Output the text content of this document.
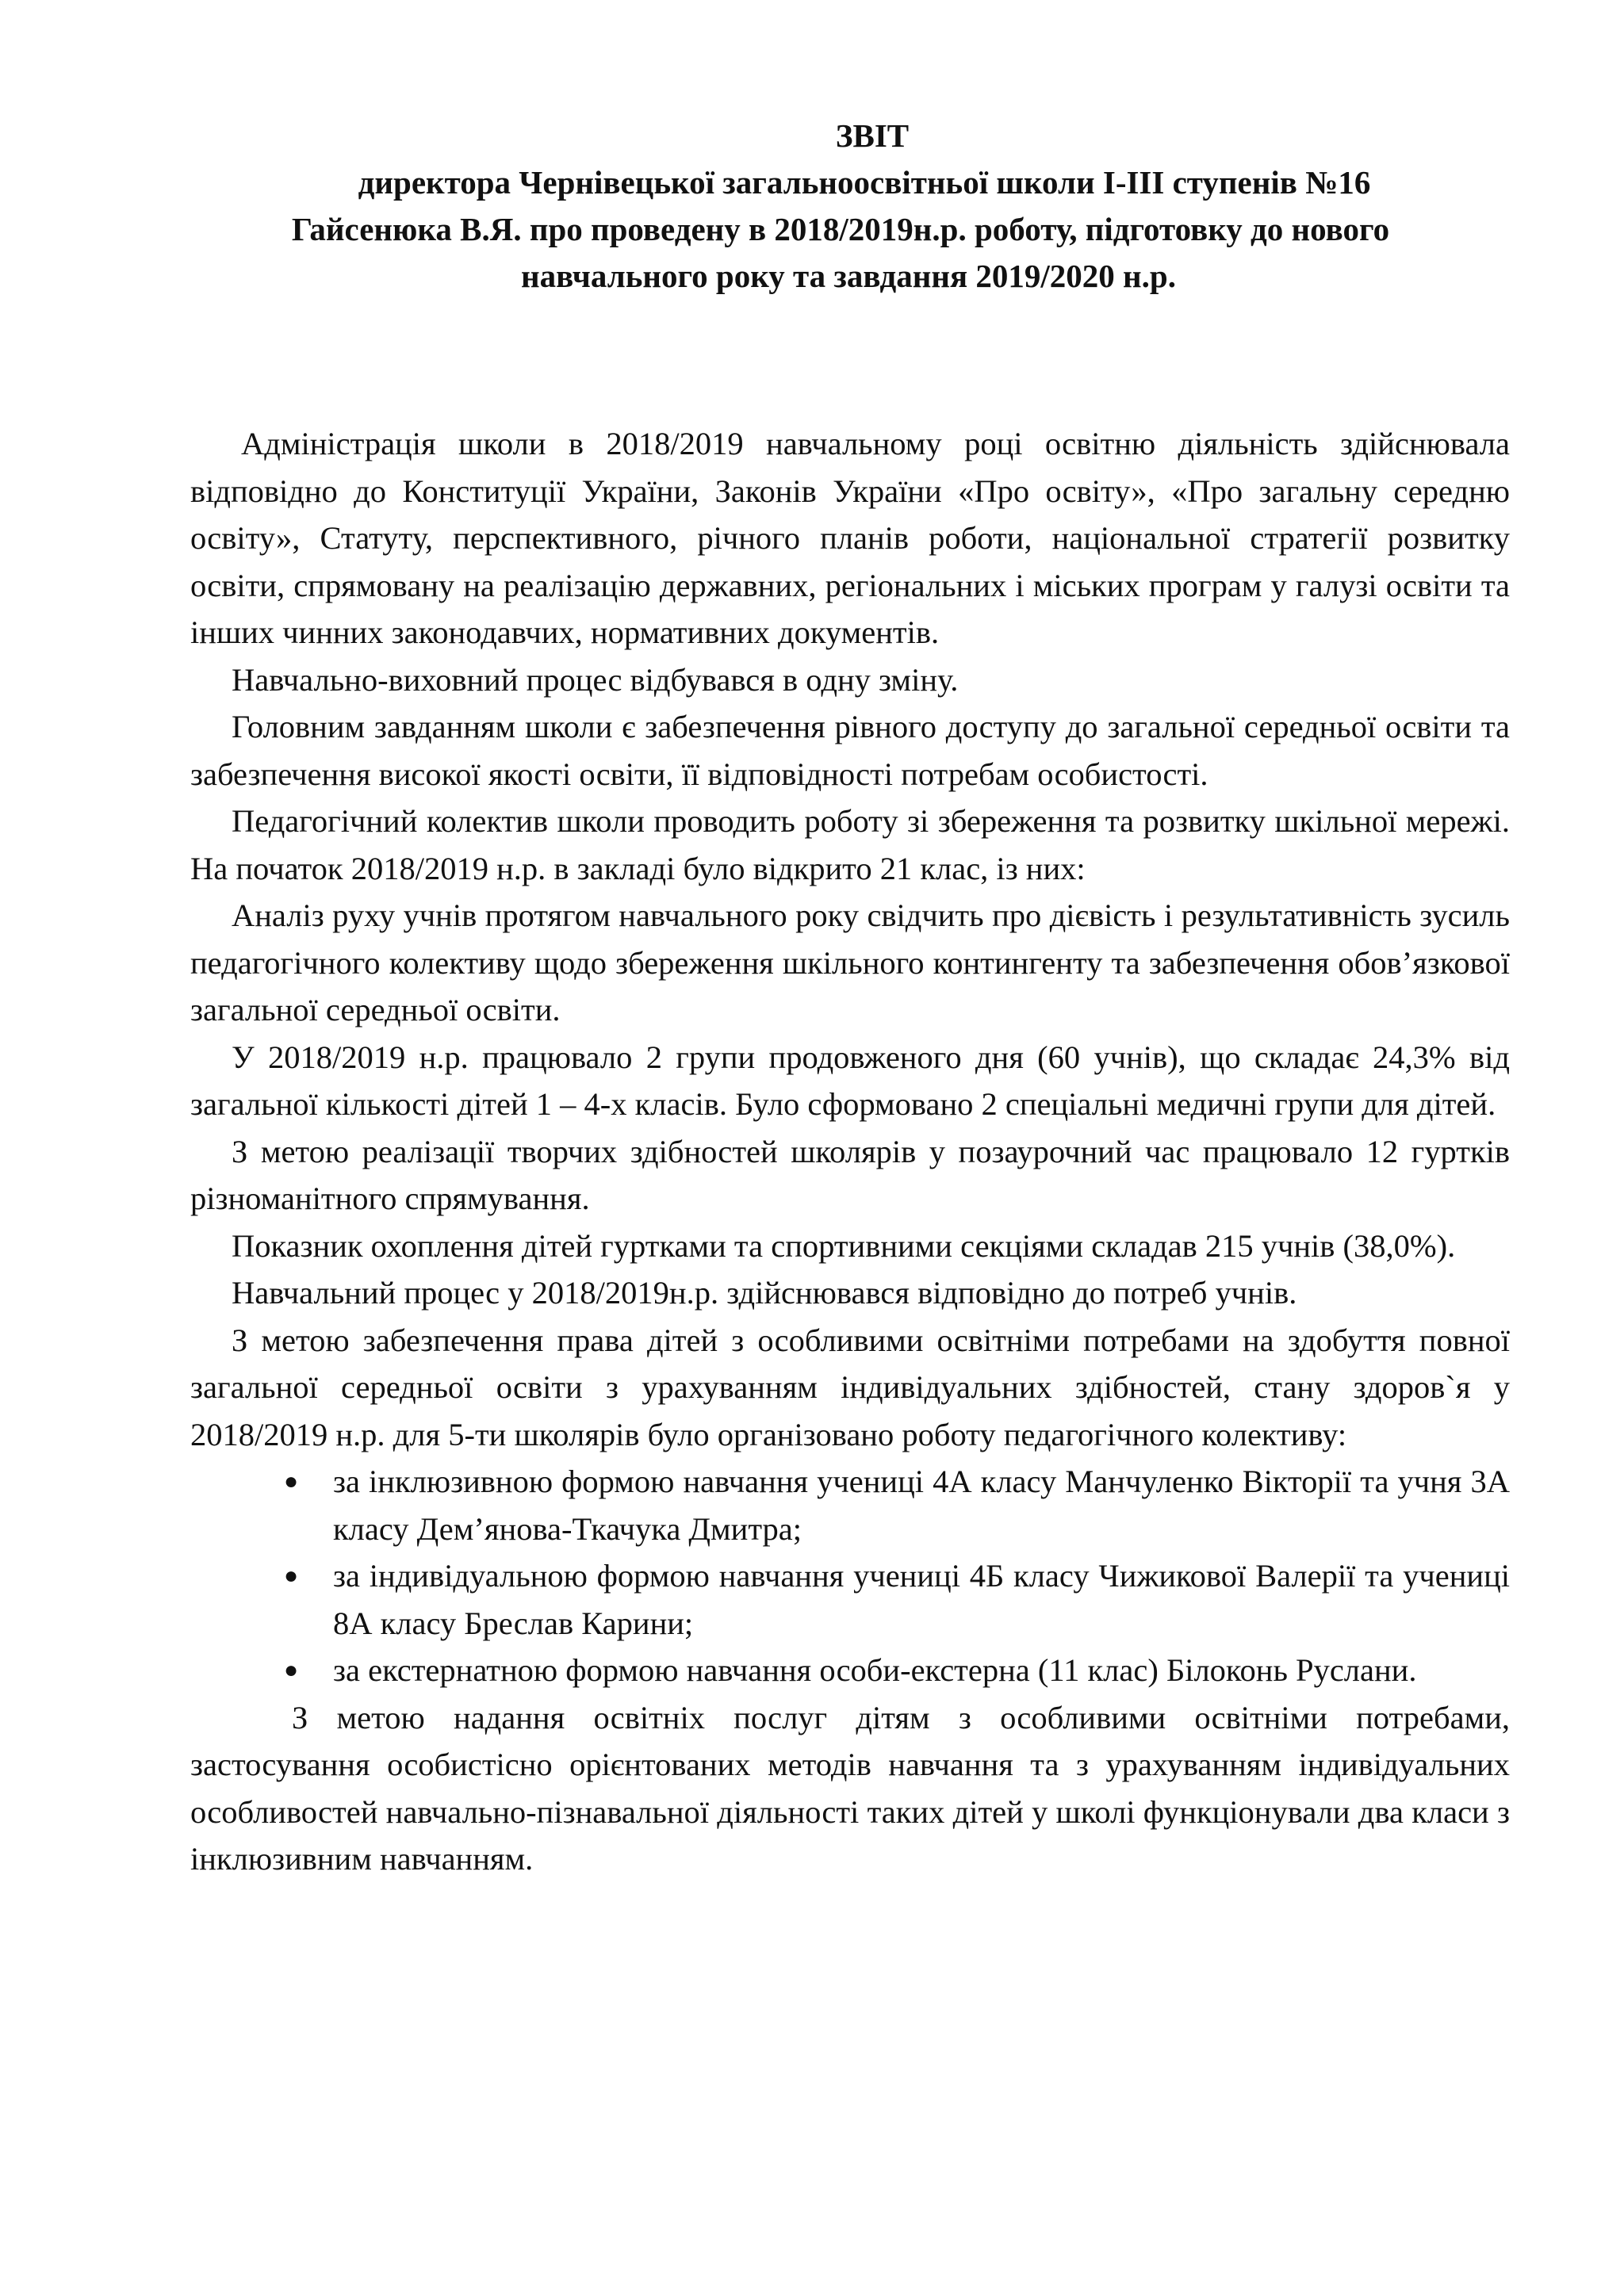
ЗВІТ
директора Чернівецької загальноосвітньої школи І-ІІІ ступенів №16
Гайсенюка В.Я. про проведену в 2018/2019н.р. роботу, підготовку до нового
навчального року та завдання 2019/2020 н.р.

Адміністрація школи в 2018/2019 навчальному році освітню діяльність здійснювала відповідно до Конституції України, Законів України «Про освіту», «Про загальну середню освіту», Статуту, перспективного, річного планів роботи, національної стратегії розвитку освіти, спрямовану на реалізацію державних, регіональних і міських програм у галузі освіти та інших чинних законодавчих, нормативних документів.

Навчально-виховний процес відбувався в одну зміну.

Головним завданням школи є забезпечення рівного доступу до загальної середньої освіти та забезпечення високої якості освіти, її відповідності потребам особистості.

Педагогічний колектив школи проводить роботу зі збереження та розвитку шкільної мережі. На початок 2018/2019 н.р. в закладі було відкрито 21 клас, із них:

Аналіз руху учнів протягом навчального року свідчить про дієвість і результативність зусиль педагогічного колективу щодо збереження шкільного контингенту та забезпечення обов’язкової загальної середньої освіти.

У 2018/2019 н.р. працювало 2 групи продовженого дня (60 учнів), що складає 24,3% від загальної кількості дітей 1 – 4-х класів. Було сформовано 2 спеціальні медичні групи для дітей.

З метою реалізації творчих здібностей школярів у позаурочний час працювало 12 гуртків різноманітного спрямування.

Показник охоплення дітей гуртками та спортивними секціями складав 215 учнів (38,0%).

Навчальний процес у 2018/2019н.р. здійснювався відповідно до потреб учнів.

З метою забезпечення права дітей з особливими освітніми потребами на здобуття повної загальної середньої освіти з урахуванням індивідуальних здібностей, стану здоров`я у 2018/2019 н.р. для 5-ти школярів було організовано роботу педагогічного колективу:

● за інклюзивною формою навчання учениці 4А класу Манчуленко Вікторії та учня 3А класу Дем’янова-Ткачука Дмитра;
● за індивідуальною формою навчання учениці 4Б класу Чижикової Валерії та учениці 8А класу Бреслав Карини;
● за екстернатною формою навчання особи-екстерна (11 клас) Білоконь Руслани.

З метою надання освітніх послуг дітям з особливими освітніми потребами, застосування особистісно орієнтованих методів навчання та з урахуванням індивідуальних особливостей навчально-пізнавальної діяльності таких дітей у школі функціонували два класи з інклюзивним навчанням.
